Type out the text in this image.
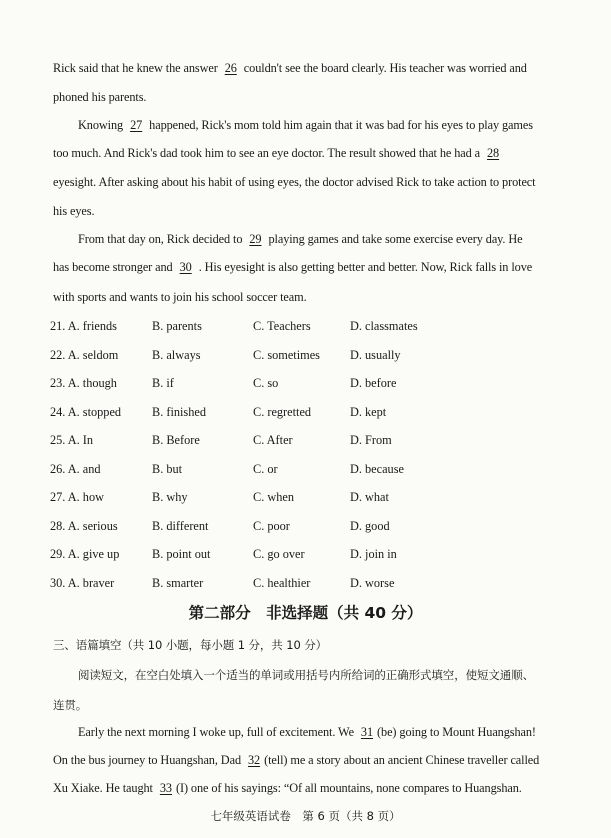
Rick said that he knew the answer 26 couldn't see the board clearly. His teacher was worried and
phoned his parents.
Knowing 27 happened, Rick's mom told him again that it was bad for his eyes to play games
too much. And Rick's dad took him to see an eye doctor. The result showed that he had a 28
eyesight. After asking about his habit of using eyes, the doctor advised Rick to take action to protect
his eyes.
From that day on, Rick decided to 29 playing games and take some exercise every day. He
has become stronger and 30 . His eyesight is also getting better and better. Now, Rick falls in love
with sports and wants to join his school soccer team.
21. A. friends	B. parents	C. Teachers	D. classmates
22. A. seldom	B. always	C. sometimes D. usually
23. A. though	B. if	C. so	D. before
24. A. stopped	B. finished	C. regretted	D. kept
25. A. In	B. Before	C. After	D. From
26. A. and	B. but	C. or	D. because
27. A. how	B. why	C. when	D. what
28. A. serious	B. different	C. poor	D. good
29. A. give up	B. point out	C. go over	D. join in
30. A. braver	B. smarter	C. healthier	D. worse
第二部分　非选择题（共 40 分）
三、语篇填空（共 10 小题，每小题 1 分，共 10 分）
阅读短文，在空白处填入一个适当的单词或用括号内所给词的正确形式填空，使短文通顺、
连贯。
Early the next morning I woke up, full of excitement. We 31 (be) going to Mount Huangshan!
On the bus journey to Huangshan, Dad 32 (tell) me a story about an ancient Chinese traveller called
Xu Xiake. He taught 33 (I) one of his sayings: “Of all mountains, none compares to Huangshan.
七年级英语试卷　第 6 页（共 8 页）
